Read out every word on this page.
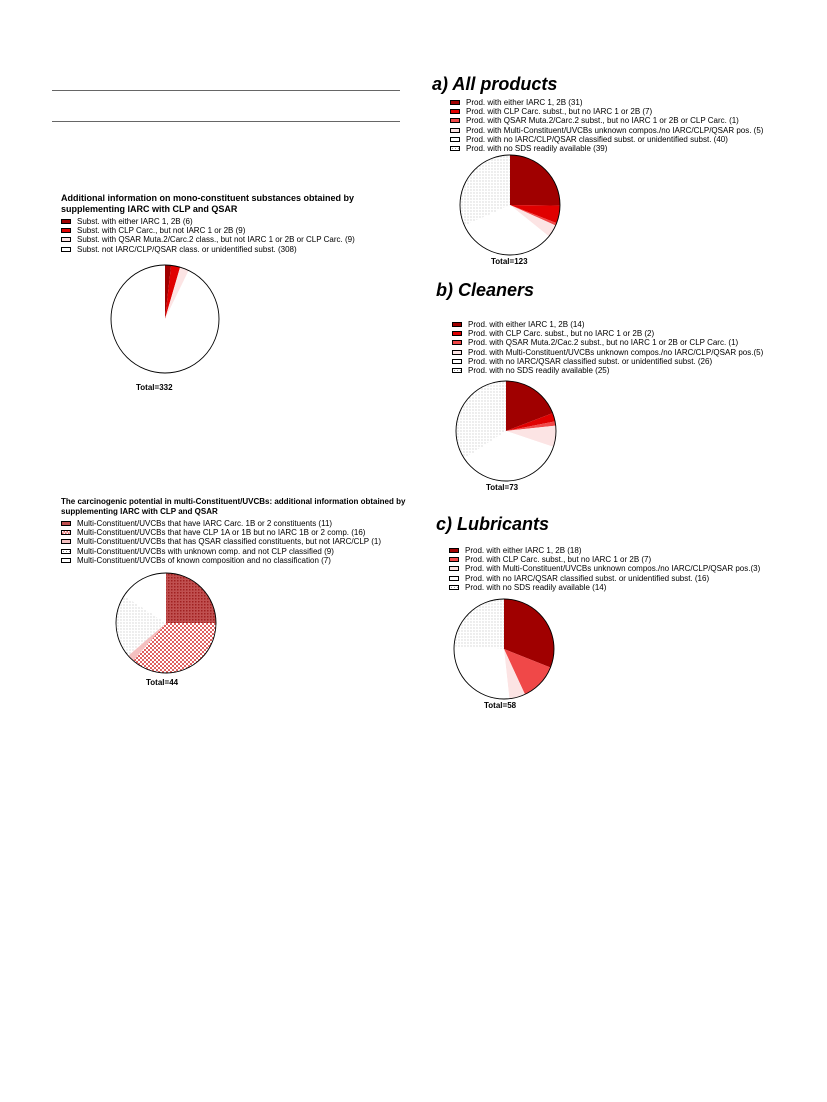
Additional information on mono-constituent substances obtained by supplementing IARC with CLP and QSAR
Subst. with either IARC 1, 2B (6)
Subst. with CLP Carc., but not IARC 1 or 2B (9)
Subst. with QSAR Muta.2/Carc.2 class., but not IARC 1 or 2B or CLP Carc. (9)
Subst. not IARC/CLP/QSAR class. or unidentified subst. (308)
Total=332
The carcinogenic potential in multi-Constituent/UVCBs: additional information obtained by supplementing IARC with CLP and QSAR
Multi-Constituent/UVCBs that have IARC Carc. 1B or 2 constituents (11)
Multi-Constituent/UVCBs that have CLP 1A or 1B but no IARC 1B or 2 comp. (16)
Multi-Constituent/UVCBs that has QSAR classified constituents, but not IARC/CLP (1)
Multi-Constituent/UVCBs with unknown comp. and not CLP classified (9)
Multi-Constituent/UVCBs of known composition and no classification (7)
Total=44
a) All products
Prod. with either IARC 1, 2B (31)
Prod. with CLP Carc. subst., but no IARC 1 or 2B (7)
Prod. with QSAR Muta.2/Carc.2 subst., but no IARC 1 or 2B or CLP Carc. (1)
Prod. with Multi-Constituent/UVCBs unknown compos./no IARC/CLP/QSAR pos. (5)
Prod. with no IARC/CLP/QSAR classified subst. or unidentified subst. (40)
Prod. with no SDS readily available (39)
Total=123
b) Cleaners
Prod. with either IARC 1, 2B (14)
Prod. with CLP Carc. subst., but no IARC 1 or 2B (2)
Prod. with QSAR Muta.2/Cac.2 subst., but no IARC 1 or 2B or CLP Carc. (1)
Prod. with Multi-Constituent/UVCBs unknown compos./no IARC/CLP/QSAR pos.(5)
Prod. with no IARC/QSAR classified subst. or unidentified subst. (26)
Prod. with no SDS readily available (25)
Total=73
c) Lubricants
Prod. with either IARC 1, 2B (18)
Prod. with CLP Carc. subst., but no IARC 1 or 2B (7)
Prod. with Multi-Constituent/UVCBs unknown compos./no IARC/CLP/QSAR pos.(3)
Prod. with no IARC/QSAR classified subst. or unidentified subst. (16)
Prod. with no SDS readily available (14)
Total=58
